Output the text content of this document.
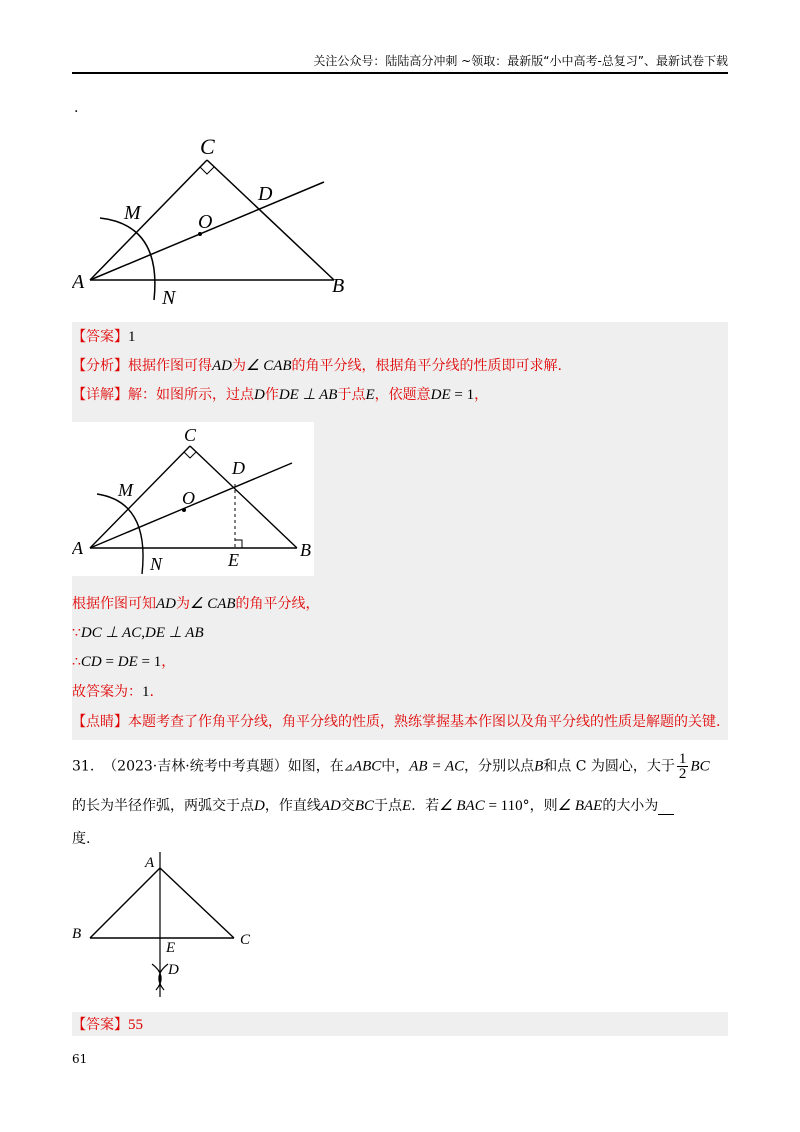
关注公众号：陆陆高分冲刺 ~领取：最新版“小中高考-总复习”、最新试卷下载
.
C
D
M	O
A
N
B
【答案】1
【分析】根据作图可得AD为∠ CAB的角平分线，根据角平分线的性质即可求解.
【详解】解：如图所示，过点D作DE ⊥ AB于点E，依题意DE = 1，
C
D
M	O
A
N	E	B
根据作图可知AD为∠ CAB的角平分线，
∵DC ⊥ AC,DE ⊥ AB
∴CD = DE = 1，
故答案为：1.
【点睛】本题考查了作角平分线，角平分线的性质，熟练掌握基本作图以及角平分线的性质是解题的关键.
31. （2023·吉林·统考中考真题）如图，在⊿ABC中，AB = AC，分别以点B和点 C 为圆心，大于 $\frac{1}{2}$ BC
的长为半径作弧，两弧交于点D，作直线AD交BC于点E．若∠ BAC = 110°，则∠ BAE的大小为
度.
A
B	C
E
D
【答案】55
61
